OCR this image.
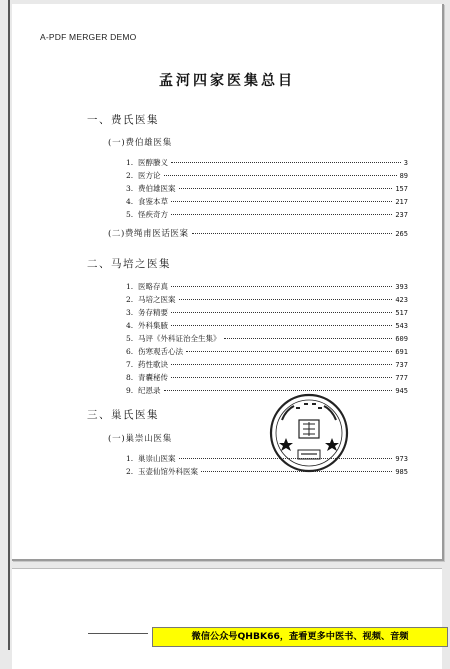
A-PDF MERGER DEMO
孟河四家医集总目
一、费氏医集
(一)费伯雄医集
1. 医醇賸义	3
2. 医方论	89
3. 费伯雄医案	157
4. 食鉴本草	217
5. 怪疾奇方	237
(二)费绳甫医话医案	265
二、马培之医集
1. 医略存真	393
2. 马培之医案	423
3. 务存精要	517
4. 外科集腋	543
5. 马评《外科证治全生集》	609
6. 伤寒观舌心法	691
7. 药性歌诀	737
8. 青囊秘传	777
9. 纪恩录	945
三、巢氏医集
(一)巢崇山医集
1. 巢崇山医案	973
2. 玉壶仙馆外科医案	985
微信公众号QHBK66，查看更多中医书、视频、音频
